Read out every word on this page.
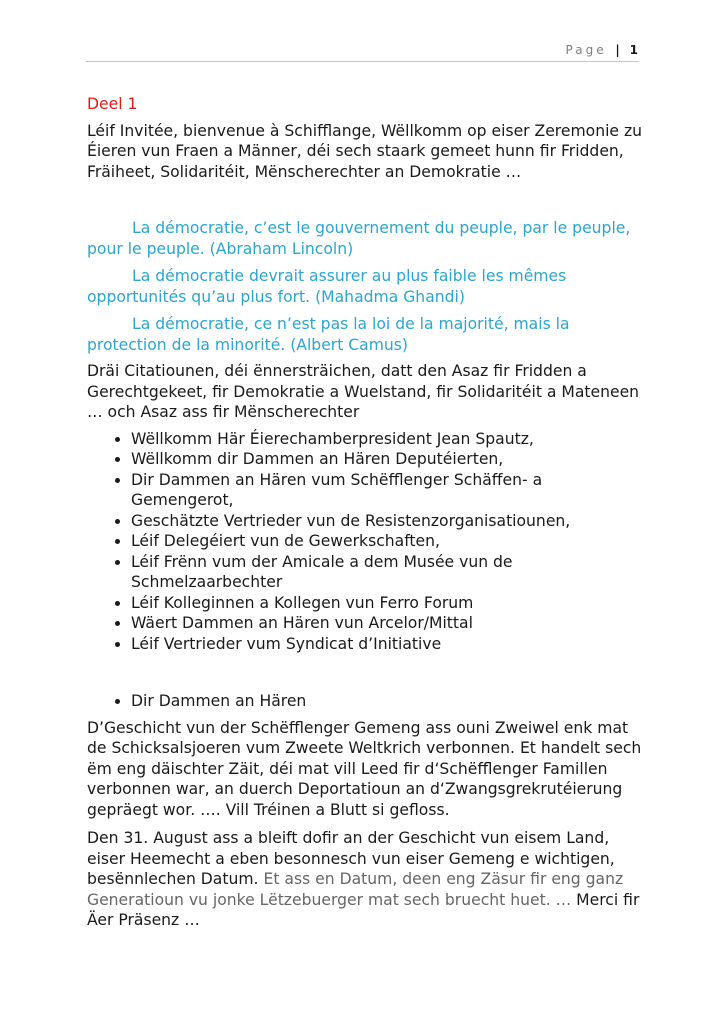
Page | 1

Deel 1

Léif Invitée, bienvenue à Schifflange, Wëllkomm op eiser Zeremonie zu Éieren vun Fraen a Männer, déi sech staark gemeet hunn fir Fridden, Fräiheet, Solidaritéit, Mënscherechter an Demokratie …

La démocratie, c’est le gouvernement du peuple, par le peuple, pour le peuple. (Abraham Lincoln)

La démocratie devrait assurer au plus faible les mêmes opportunités qu’au plus fort. (Mahadma Ghandi)

La démocratie, ce n’est pas la loi de la majorité, mais la protection de la minorité. (Albert Camus)

Dräi Citatiounen, déi ënnersträichen, datt den Asaz fir Fridden a Gerechtgekeet, fir Demokratie a Wuelstand, fir Solidaritéit a Mateneen … och Asaz ass fir Mënscherechter

• Wëllkomm Här Éierechamberpresident Jean Spautz,
• Wëllkomm dir Dammen an Hären Deputéierten,
• Dir Dammen an Hären vum Schëfflenger Schäffen- a Gemengerot,
• Geschätzte Vertrieder vun de Resistenzorganisatiounen,
• Léif Delegéiert vun de Gewerkschaften,
• Léif Frënn vum der Amicale a dem Musée vun de Schmelzaarbechter
• Léif Kolleginnen a Kollegen vun Ferro Forum
• Wäert Dammen an Hären vun Arcelor/Mittal
• Léif Vertrieder vum Syndicat d’Initiative
• Dir Dammen an Hären

D’Geschicht vun der Schëfflenger Gemeng ass ouni Zweiwel enk mat de Schicksalsjoeren vum Zweete Weltkrich verbonnen. Et handelt sech ëm eng däischter Zäit, déi mat vill Leed fir d‘Schëfflenger Famillen verbonnen war, an duerch Deportatioun an d‘Zwangsgrekrutéierung gepräegt wor. …. Vill Tréinen a Blutt si gefloss.

Den 31. August ass a bleift dofir an der Geschicht vun eisem Land, eiser Heemecht a eben besonnesch vun eiser Gemeng e wichtigen, besënnlechen Datum. Et ass en Datum, deen eng Zäsur fir eng ganz Generatioun vu jonke Lëtzebuerger mat sech bruecht huet. … Merci fir Äer Präsenz …
